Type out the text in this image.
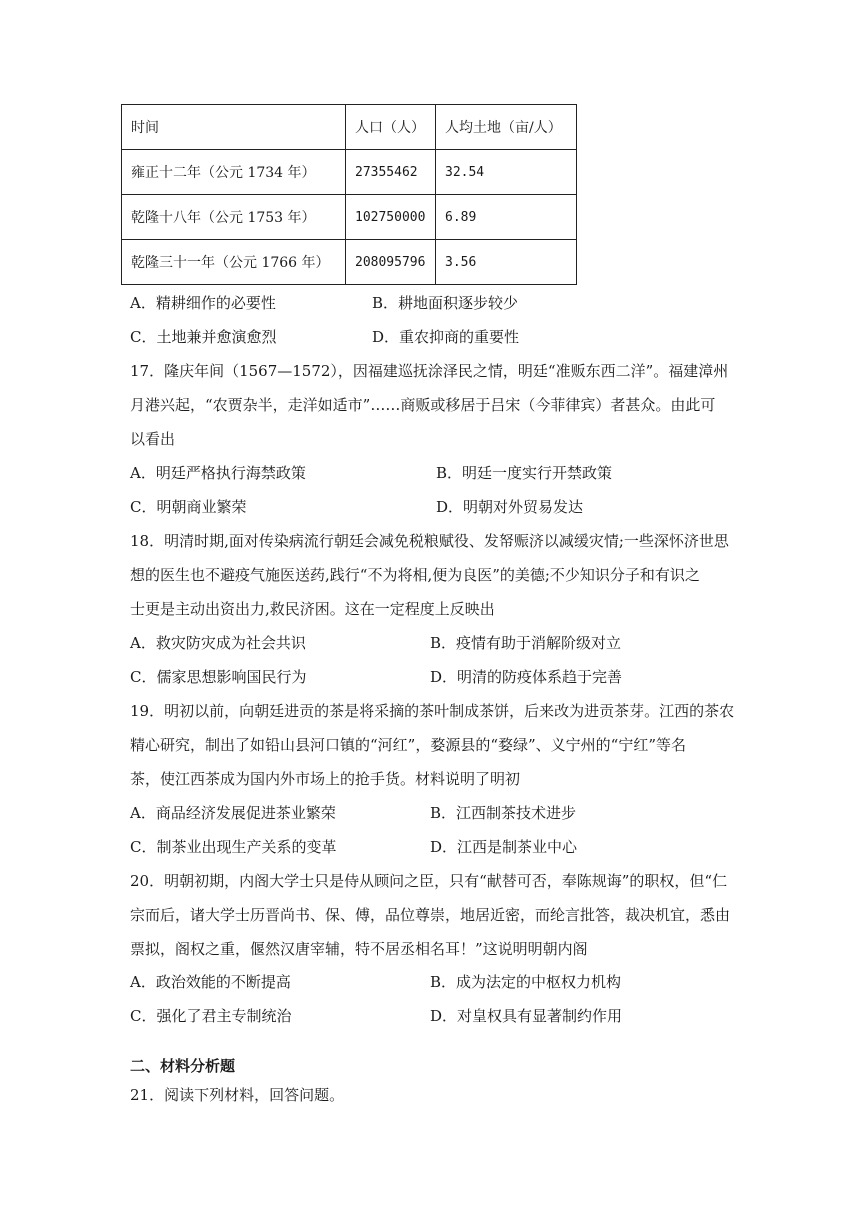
时间	人口（人）	人均土地（亩/人）
雍正十二年（公元 1734 年）	27355462	32.54
乾隆十八年（公元 1753 年）	102750000	6.89
乾隆三十一年（公元 1766 年）	208095796	3.56
A．精耕细作的必要性	B．耕地面积逐步较少
C．土地兼并愈演愈烈	D．重农抑商的重要性
17．隆庆年间（1567—1572），因福建巡抚涂泽民之情，明廷“准贩东西二洋”。福建漳州
月港兴起，“农贾杂半，走洋如适市”……商贩或移居于吕宋（今菲律宾）者甚众。由此可
以看出
A．明廷严格执行海禁政策	B．明廷一度实行开禁政策
C．明朝商业繁荣	D．明朝对外贸易发达
18．明清时期,面对传染病流行朝廷会减免税粮赋役、发帑赈济以减缓灾情;一些深怀济世思
想的医生也不避疫气施医送药,践行“不为将相,便为良医”的美德;不少知识分子和有识之
士更是主动出资出力,救民济困。这在一定程度上反映出
A．救灾防灾成为社会共识	B．疫情有助于消解阶级对立
C．儒家思想影响国民行为	D．明清的防疫体系趋于完善
19．明初以前，向朝廷进贡的茶是将采摘的茶叶制成茶饼，后来改为进贡茶芽。江西的茶农
精心研究，制出了如铅山县河口镇的“河红”，婺源县的“婺绿”、义宁州的“宁红”等名
茶，使江西茶成为国内外市场上的抢手货。材料说明了明初
A．商品经济发展促进茶业繁荣	B．江西制茶技术进步
C．制茶业出现生产关系的变革	D．江西是制茶业中心
20．明朝初期，内阁大学士只是侍从顾问之臣，只有“献替可否，奉陈规诲”的职权，但“仁
宗而后，诸大学士历晋尚书、保、傅，品位尊崇，地居近密，而纶言批答，裁决机宜，悉由
票拟，阁权之重，偃然汉唐宰辅，特不居丞相名耳！”这说明明朝内阁
A．政治效能的不断提高	B．成为法定的中枢权力机构
C．强化了君主专制统治	D．对皇权具有显著制约作用
二、材料分析题
21．阅读下列材料，回答问题。
